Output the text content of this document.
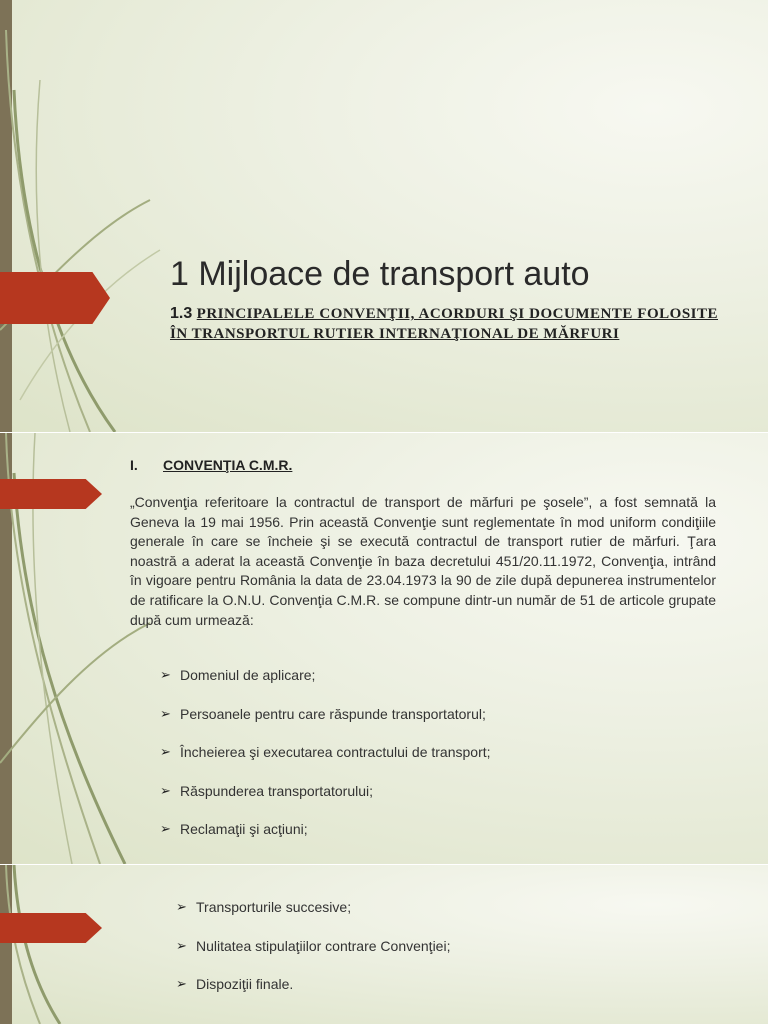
1 Mijloace de transport auto

1.3 PRINCIPALELE CONVENŢII, ACORDURI ŞI DOCUMENTE FOLOSITE ÎN TRANSPORTUL RUTIER INTERNAŢIONAL DE MĂRFURI

I. CONVENŢIA C.M.R.

„Convenţia referitoare la contractul de transport de mărfuri pe şosele”, a fost semnată la Geneva la 19 mai 1956. Prin această Convenţie sunt reglementate în mod uniform condiţiile generale în care se încheie şi se execută contractul de transport rutier de mărfuri. Ţara noastră a aderat la această Convenţie în baza decretului 451/20.11.1972, Convenţia, intrând în vigoare pentru România la data de 23.04.1973 la 90 de zile după depunerea instrumentelor de ratificare la O.N.U. Convenţia C.M.R. se compune dintr-un număr de 51 de articole grupate după cum urmează:

➢ Domeniul de aplicare;
➢ Persoanele pentru care răspunde transportatorul;
➢ Încheierea şi executarea contractului de transport;
➢ Răspunderea transportatorului;
➢ Reclamaţii şi acţiuni;
➢ Transporturile succesive;
➢ Nulitatea stipulaţiilor contrare Convenţiei;
➢ Dispoziţii finale.
